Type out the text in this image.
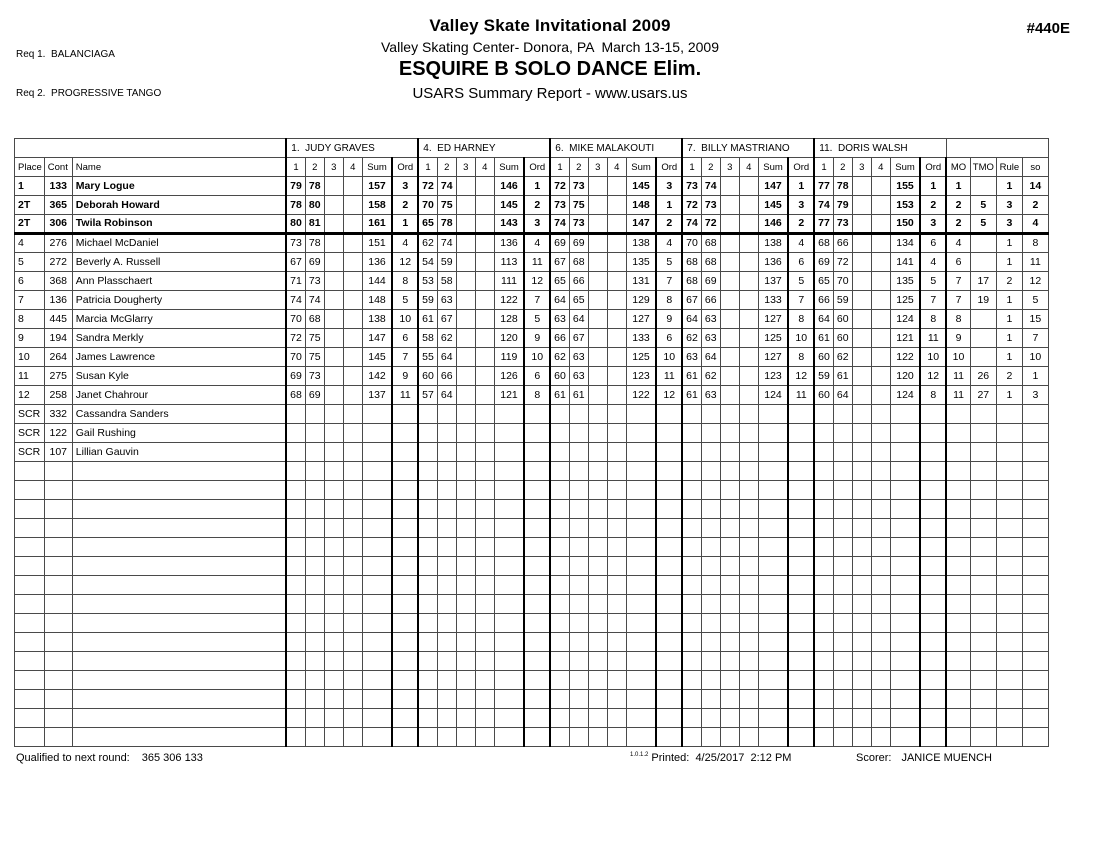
Req 1.  BALANCIAGA

Req 2.  PROGRESSIVE TANGO

Valley Skate Invitational 2009
Valley Skating Center- Donora, PA  March 13-15, 2009
ESQUIRE B SOLO DANCE Elim.
USARS Summary Report - www.usars.us
#440E
			1.  JUDY GRAVES						4.  ED HARNEY						6.  MIKE MALAKOUTI						7.  BILLY MASTRIANO						11.  DORIS WALSH									
Place	Cont	Name	1	2	3	4	Sum	Ord	1	2	3	4	Sum	Ord	1	2	3	4	Sum	Ord	1	2	3	4	Sum	Ord	1	2	3	4	Sum	Ord	MO	TMO	Rule	so
1	133	Mary Logue	79	78			157	3	72	74			146	1	72	73			145	3	73	74			147	1	77	78			155	1	1		1	14
2T	365	Deborah Howard	78	80			158	2	70	75			145	2	73	75			148	1	72	73			145	3	74	79			153	2	2	5	3	2
2T	306	Twila Robinson	80	81			161	1	65	78			143	3	74	73			147	2	74	72			146	2	77	73			150	3	2	5	3	4
4	276	Michael McDaniel	73	78			151	4	62	74			136	4	69	69			138	4	70	68			138	4	68	66			134	6	4		1	8
5	272	Beverly A. Russell	67	69			136	12	54	59			113	11	67	68			135	5	68	68			136	6	69	72			141	4	6		1	11
6	368	Ann Plasschaert	71	73			144	8	53	58			111	12	65	66			131	7	68	69			137	5	65	70			135	5	7	17	2	12
7	136	Patricia Dougherty	74	74			148	5	59	63			122	7	64	65			129	8	67	66			133	7	66	59			125	7	7	19	1	5
8	445	Marcia McGlarry	70	68			138	10	61	67			128	5	63	64			127	9	64	63			127	8	64	60			124	8	8		1	15
9	194	Sandra Merkly	72	75			147	6	58	62			120	9	66	67			133	6	62	63			125	10	61	60			121	11	9		1	7
10	264	James Lawrence	70	75			145	7	55	64			119	10	62	63			125	10	63	64			127	8	60	62			122	10	10		1	10
11	275	Susan Kyle	69	73			142	9	60	66			126	6	60	63			123	11	61	62			123	12	59	61			120	12	11	26	2	1
12	258	Janet Chahrour	68	69			137	11	57	64			121	8	61	61			122	12	61	63			124	11	60	64			124	8	11	27	1	3
SCR	332	Cassandra Sanders																																		
SCR	122	Gail Rushing																																		
SCR	107	Lillian Gauvin																																		

Qualified to next round: 365 306 133	$^{1.0.1.2}$ Printed:  4/25/2017  2:12 PM	Scorer: JANICE MUENCH
